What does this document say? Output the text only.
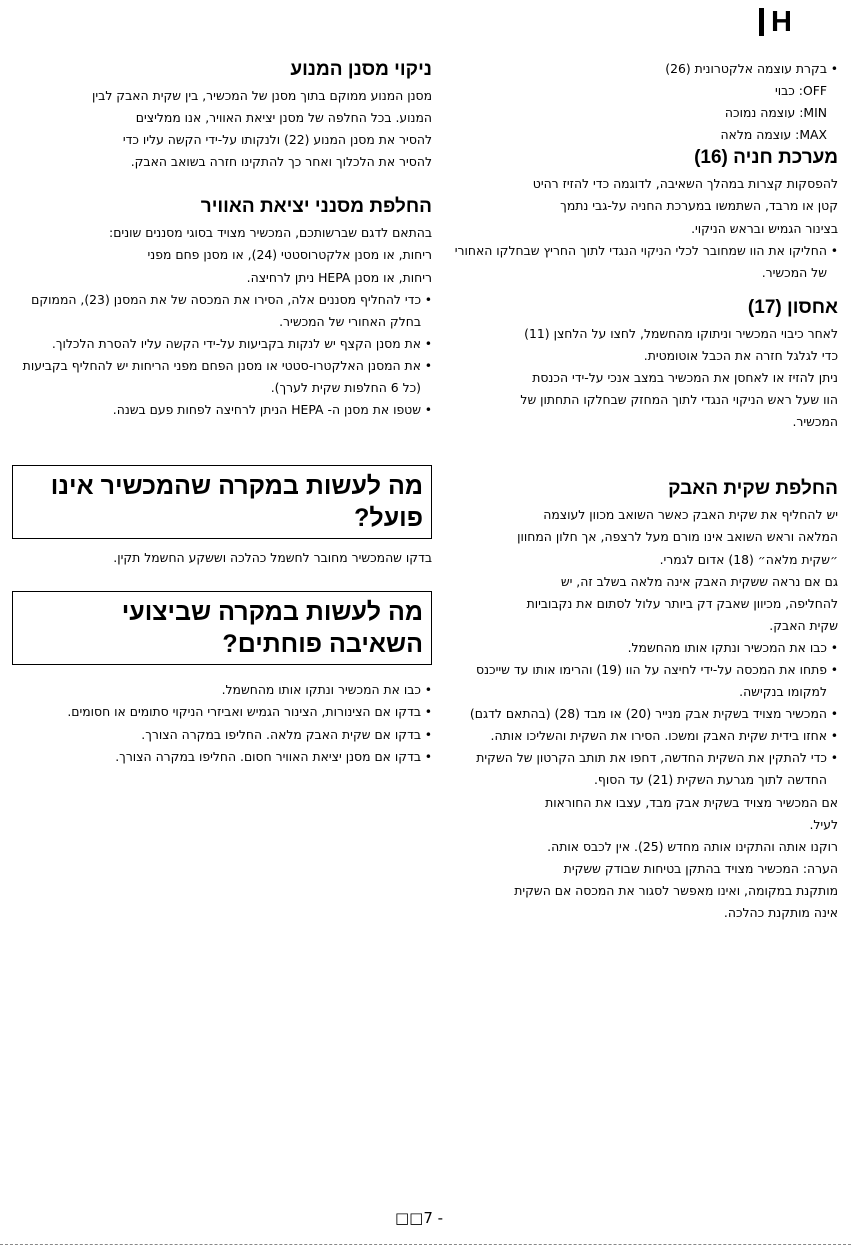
H
• בקרת עוצמה אלקטרונית (26)

OFF: כבוי

MIN: עוצמה נמוכה

MAX: עוצמה מלאה

מערכת חניה (16)

להפסקות קצרות במהלך השאיבה, לדוגמה כדי להזיז רהיט

קטן או מרבד, השתמשו במערכת החניה על-גבי נתמך

בצינור הגמיש ובראש הניקוי.

• החליקו את הוו שמחובר לכלי הניקוי הנגדי לתוך החריץ שבחלקו האחורי של המכשיר.
אחסון (17)

לאחר כיבוי המכשיר וניתוקו מהחשמל, לחצו על הלחצן (11)

כדי לגלגל חזרה את הכבל אוטומטית.

ניתן להזיז או לאחסן את המכשיר במצב אנכי על-ידי הכנסת

הוו שעל ראש הניקוי הנגדי לתוך המחזק שבחלקו התחתון של

המכשיר.

החלפת שקית האבק

יש להחליף את שקית האבק כאשר השואב מכוון לעוצמה

המלאה וראש השואב אינו מורם מעל לרצפה, אך חלון המחוון

״שקית מלאה״ (18) אדום לגמרי.

גם אם נראה ששקית האבק אינה מלאה בשלב זה, יש

להחליפה, מכיוון שאבק דק ביותר עלול לסתום את נקבוביות

שקית האבק.

• כבו את המכשיר ונתקו אותו מהחשמל.
• פתחו את המכסה על-ידי לחיצה על הוו (19) והרימו אותו עד שייכנס למקומו בנקישה.
• המכשיר מצויד בשקית אבק מנייר (20) או מבד (28) (בהתאם לדגם)
• אחזו בידית שקית האבק ומשכו. הסירו את השקית והשליכו אותה.
• כדי להתקין את השקית החדשה, דחפו את תותב הקרטון של השקית החדשה לתוך מגרעת השקית (21) עד הסוף.

אם המכשיר מצויד בשקית אבק מבד, עצבו את החוראות

לעיל.

רוקנו אותה והתקינו אותה מחדש (25). אין לכבס אותה.

הערה: המכשיר מצויד בהתקן בטיחות שבודק ששקית

מותקנת במקומה, ואינו מאפשר לסגור את המכסה אם השקית

אינה מותקנת כהלכה.

ניקוי מסנן המנוע

מסנן המנוע ממוקם בתוך מסנן של המכשיר, בין שקית האבק לבין

המנוע. בכל החלפה של מסנן יציאת האוויר, אנו ממליצים

להסיר את מסנן המנוע (22) ולנקותו על-ידי הקשה עליו כדי

להסיר את הלכלוך ואחר כך להתקינו חזרה בשואב האבק.

החלפת מסנני יציאת האוויר

בהתאם לדגם שברשותכם, המכשיר מצויד בסוגי מסננים שונים:

ריחות, או מסנן אלקטרוסטטי (24), או מסנן פחם מפני

ריחות, או מסנן HEPA ניתן לרחיצה.

• כדי להחליף מסננים אלה, הסירו את המכסה של את המסנן (23), הממוקם בחלק האחורי של המכשיר.
• את מסנן הקצף יש לנקות בקביעות על-ידי הקשה עליו להסרת הלכלוך.
• את המסנן האלקטרו-סטטי או מסנן הפחם מפני הריחות יש להחליף בקביעות (כל 6 החלפות שקית לערך).
• שטפו את מסנן ה- HEPA הניתן לרחיצה לפחות פעם בשנה.
מה לעשות במקרה שהמכשיר אינו פועל?

בדקו שהמכשיר מחובר לחשמל כהלכה וששקע החשמל תקין.

מה לעשות במקרה שביצועי השאיבה פוחתים?
• כבו את המכשיר ונתקו אותו מהחשמל.
• בדקו אם הצינורות, הצינור הגמיש ואביזרי הניקוי סתומים או חסומים.
• בדקו אם שקית האבק מלאה. החליפו במקרה הצורך.
• בדקו אם מסנן יציאת האוויר חסום. החליפו במקרה הצורך.
□□7 -
